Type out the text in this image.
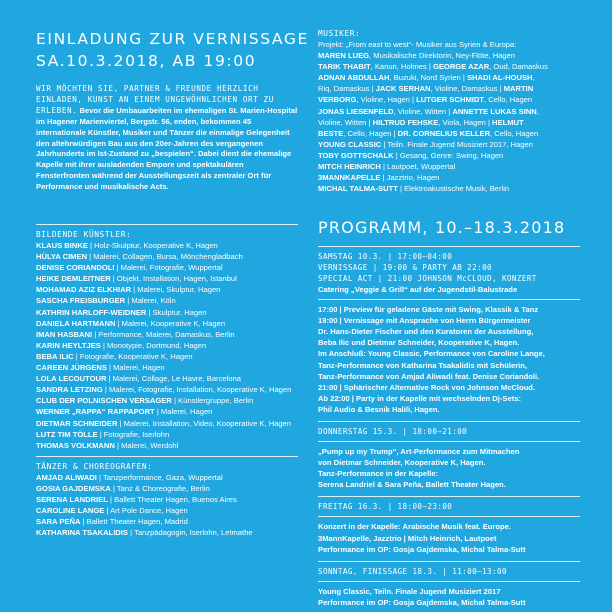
EINLADUNG ZUR VERNISSAGE
SA.10.3.2018, AB 19:00
WIR MÖCHTEN SIE, PARTNER & FREUNDE HERZLICH EINLADEN, KUNST AN EINEM UNGEWÖHNLICHEN ORT ZU ERLEBEN. Bevor die Umbauarbeiten im ehemaligen St. Marien-Hospital im Hagener Marienviertel, Bergstr. 56, enden, bekommen 45 internationale Künstler, Musiker und Tänzer die einmalige Gelegenheit den altehrwürdigen Bau aus den 20er-Jahren des vergangenen Jahrhunderts im Ist-Zustand zu „bespielen“. Dabei dient die ehemalige Kapelle mit ihrer ausladenden Empore und spektakulären Fensterfronten während der Ausstellungszeit als zentraler Ort für Performance und musikalische Acts.
BILDENDE KÜNSTLER:
KLAUS BINKE | Holz-Skulptur, Kooperative K, Hagen
HÜLYA CIMEN | Malerei, Collagen, Bursa, Mönchengladbach
DENISE CORIANDOLI | Malerei, Fotografie, Wuppertal
HEIKE DEMLEITNER | Objekt, Installation, Hagen, Istanbul
MOHAMAD AZIZ ELKHIAR | Malerei, Skulptur, Hagen
SASCHA FREISBURGER | Malerei, Köln
KATHRIN HARLOFF-WEIDNER | Skulptur, Hagen
DANIELA HARTMANN | Malerei, Kooperative K, Hagen
IMAN HASBANI | Performance, Malerei, Damaskus, Berlin
KARIN HEYLTJES | Monotypie, Dortmund, Hagen
BEBA ILIC | Fotografie, Kooperative K, Hagen
CAREEN JÜRGENS | Malerei, Hagen
LOLA LECOUTOUR | Malerei, Collage, Le Havre, Barcelona
SANDRA LETZING | Malerei, Fotografie, Installation, Kooperative K, Hagen
CLUB DER POLNISCHEN VERSAGER | Künstlergruppe, Berlin
WERNER „RAPPA“ RAPPAPORT | Malerei, Hagen
DIETMAR SCHNEIDER | Malerei, Installation, Video, Kooperative K, Hagen
LUTZ TIM TÖLLE | Fotografie, Iserlohn
THOMAS VOLKMANN | Malerei, Werdohl
TÄNZER & CHOREOGRAFEN:
AMJAD ALIWADI | Tanzperformance, Gaza, Wuppertal
GOSIA GAJDEMSKA | Tanz & Choreografie, Berlin
SERENA LANDRIEL | Ballett Theater Hagen, Buenos Aires
CAROLINE LANGE | Art Pole Dance, Hagen
SARA PEÑA | Ballett Theater Hagen, Madrid
KATHARINA TSAKALIDIS | Tanzpädagogin, Iserlohn, Letmathe
MUSIKER:
Projekt: „From east to west“- Musiker aus Syrien & Europa:
MAREN LUEG, Musikalische Direktorin, Ney-Flöte, Hagen
TARIK THABIT, Kanun, Holmes | GEORGE AZAR, Oud, Damaskus
ADNAN ABDULLAH, Buzuki, Nord Syrien | SHADI AL-HOUSH,
Riq, Damaskus | JACK SERHAN, Violine, Damaskus | MARTIN
VERBORG, Violine, Hagen | LUTGER SCHMIDT, Cello, Hagen
JONAS LIESENFELD, Violine, Witten | ANNETTE LUKAS SINN,
Violine, Witten | HILTRUD FEHSKE, Viola, Hagen | HELMUT
BESTE, Cello, Hagen | DR. CORNELIUS KELLER, Cello, Hagen
YOUNG CLASSIC | Teiln. Finale Jugend Musiziert 2017, Hagen
TOBY GOTTSCHALK | Gesang, Genre: Swing, Hagen
MITCH HEINRICH | Lautpoet, Wuppertal
3MANNKAPELLE | Jazztrio, Hagen
MICHAL TALMA-SUTT | Elektroakustische Musik, Berlin
PROGRAMM, 10.–18.3.2018
SAMSTAG 10.3. | 17:00–04:00
VERNISSAGE | 19:00 & PARTY AB 22:00
SPECIAL ACT | 21:00 JOHNSON McCLOUD, KONZERT
Catering „Veggie & Grill“ auf der Jugendstil-Balustrade
17:00 | Preview für geladene Gäste mit Swing, Klassik & Tanz
19:00 | Vernissage mit Ansprache von Herrn Bürgermeister
Dr. Hans-Dieter Fischer und den Kuratoren der Ausstellung,
Beba Ilic und Dietmar Schneider, Kooperative K, Hagen.
Im Anschluß: Young Classic, Performance von Caroline Lange,
Tanz-Performance von Katharina Tsakalidis mit Schülerin,
Tanz-Performance von Amjad Aliwadi feat. Denise Coriandoli.
21:00 | Sphärischer Alternative Rock von Johnson McCloud.
Ab 22:00 | Party in der Kapelle mit wechselnden Dj-Sets:
Phil Audio & Besnik Halili, Hagen.
DONNERSTAG 15.3. | 18:00–21:00
„Pump up my Trump“, Art-Performance zum Mitmachen
von Dietmar Schneider, Kooperative K, Hagen.
Tanz-Performance in der Kapelle:
Serena Landriel & Sara Peña, Ballett Theater Hagen.
FREITAG 16.3. | 18:00–23:00
Konzert in der Kapelle: Arabische Musik feat. Europe.
3MannKapelle, Jazztrio | Mitch Heinrich, Lautpoet
Performance im OP: Gosja Gajdemska, Michal Talma-Sutt
SONNTAG, FINISSAGE 18.3. | 11:00–13:00
Young Classic, Teiln. Finale Jugend Musiziert 2017
Performance im OP: Gosja Gajdemska, Michal Talma-Sutt
